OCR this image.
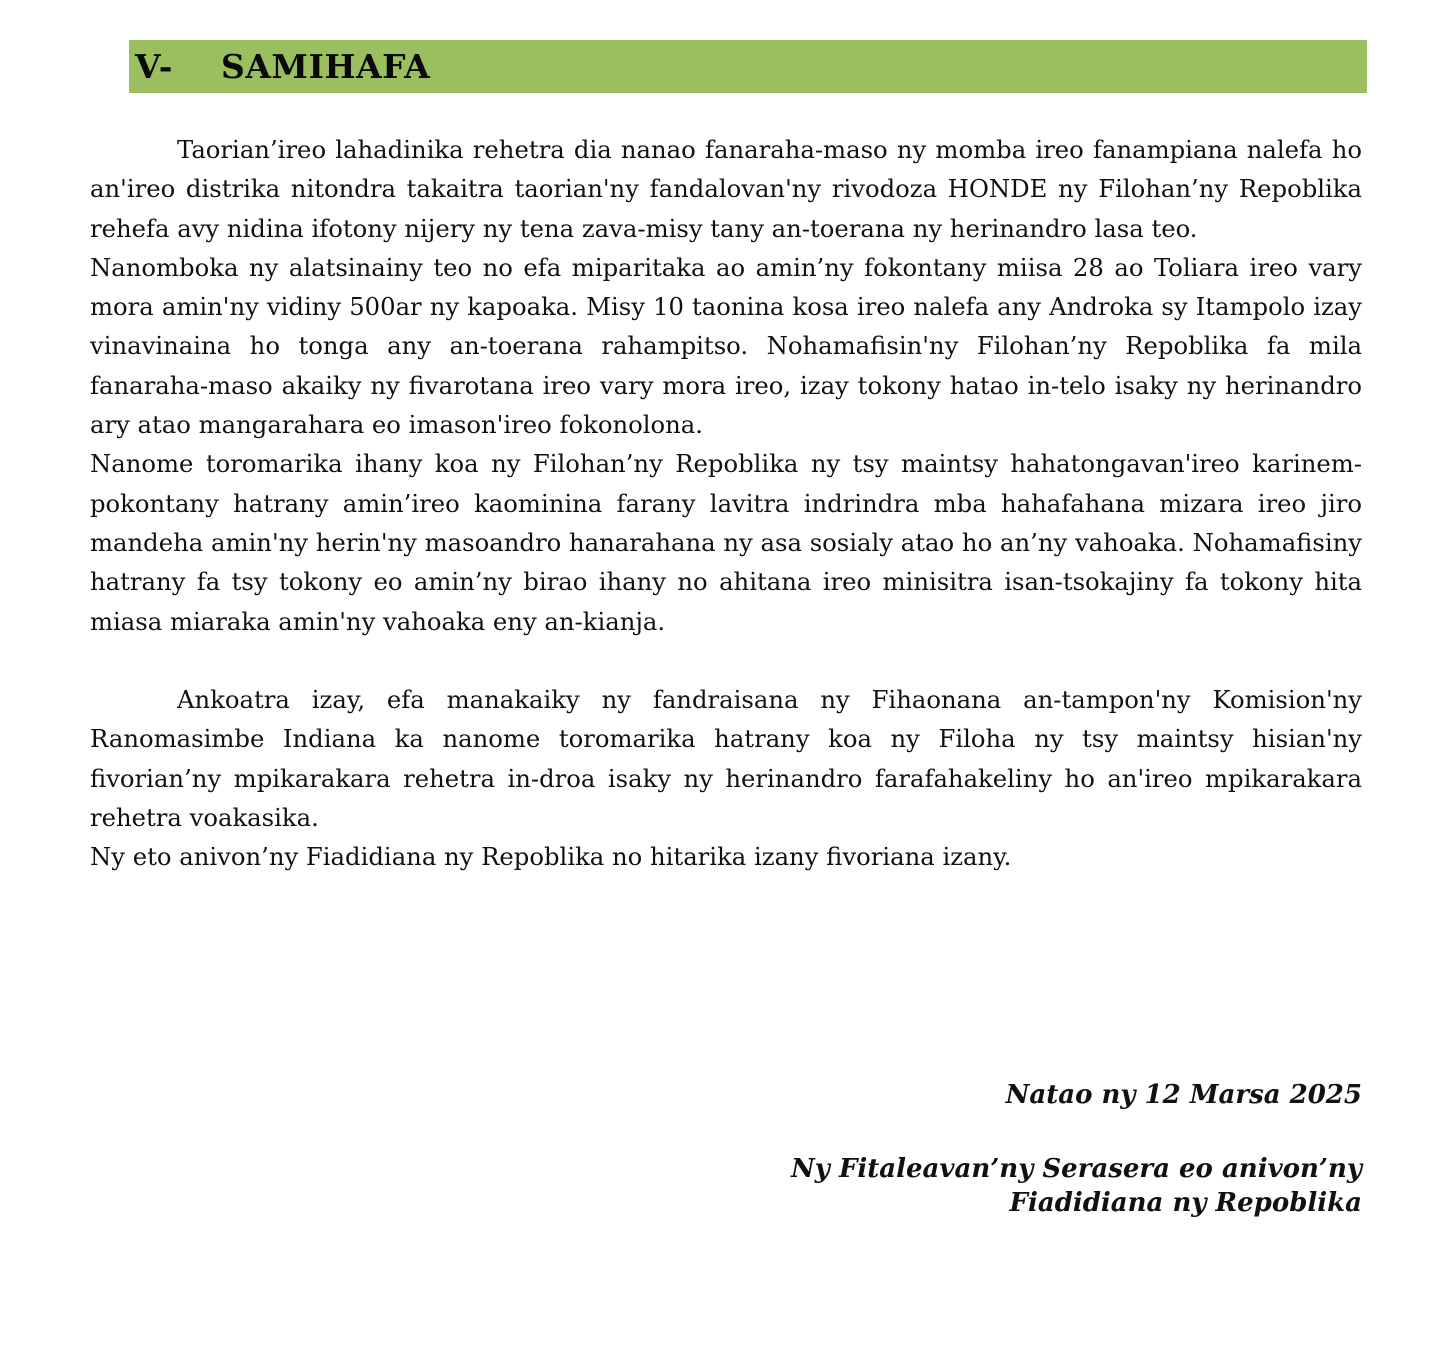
V- SAMIHAFA

Taorian’ireo lahadinika rehetra dia nanao fanaraha-maso ny momba ireo fanampiana nalefa ho an'ireo distrika nitondra takaitra taorian'ny fandalovan'ny rivodoza HONDE ny Filohan’ny Repoblika rehefa avy nidina ifotony nijery ny tena zava-misy tany an-toerana ny herinandro lasa teo.

Nanomboka ny alatsinainy teo no efa miparitaka ao amin’ny fokontany miisa 28 ao Toliara ireo vary mora amin'ny vidiny 500ar ny kapoaka. Misy 10 taonina kosa ireo nalefa any Androka sy Itampolo izay vinavinaina ho tonga any an-toerana rahampitso. Nohamafisin'ny Filohan’ny Repoblika fa mila fanaraha-maso akaiky ny fivarotana ireo vary mora ireo, izay tokony hatao in-telo isaky ny herinandro ary atao mangarahara eo imason'ireo fokonolona.

Nanome toromarika ihany koa ny Filohan’ny Repoblika ny tsy maintsy hahatongavan'ireo karinem-pokontany hatrany amin’ireo kaominina farany lavitra indrindra mba hahafahana mizara ireo jiro mandeha amin'ny herin'ny masoandro hanarahana ny asa sosialy atao ho an’ny vahoaka. Nohamafisiny hatrany fa tsy tokony eo amin’ny birao ihany no ahitana ireo minisitra isan-tsokajiny fa tokony hita miasa miaraka amin'ny vahoaka eny an-kianja.

Ankoatra izay, efa manakaiky ny fandraisana ny Fihaonana an-tampon'ny Komision'ny Ranomasimbe Indiana ka nanome toromarika hatrany koa ny Filoha ny tsy maintsy hisian'ny fivorian’ny mpikarakara rehetra in-droa isaky ny herinandro farafahakeliny ho an'ireo mpikarakara rehetra voakasika.

Ny eto anivon’ny Fiadidiana ny Repoblika no hitarika izany fivoriana izany.

Natao ny 12 Marsa 2025
Ny Fitaleavan’ny Serasera eo anivon’ny
Fiadidiana ny Repoblika
